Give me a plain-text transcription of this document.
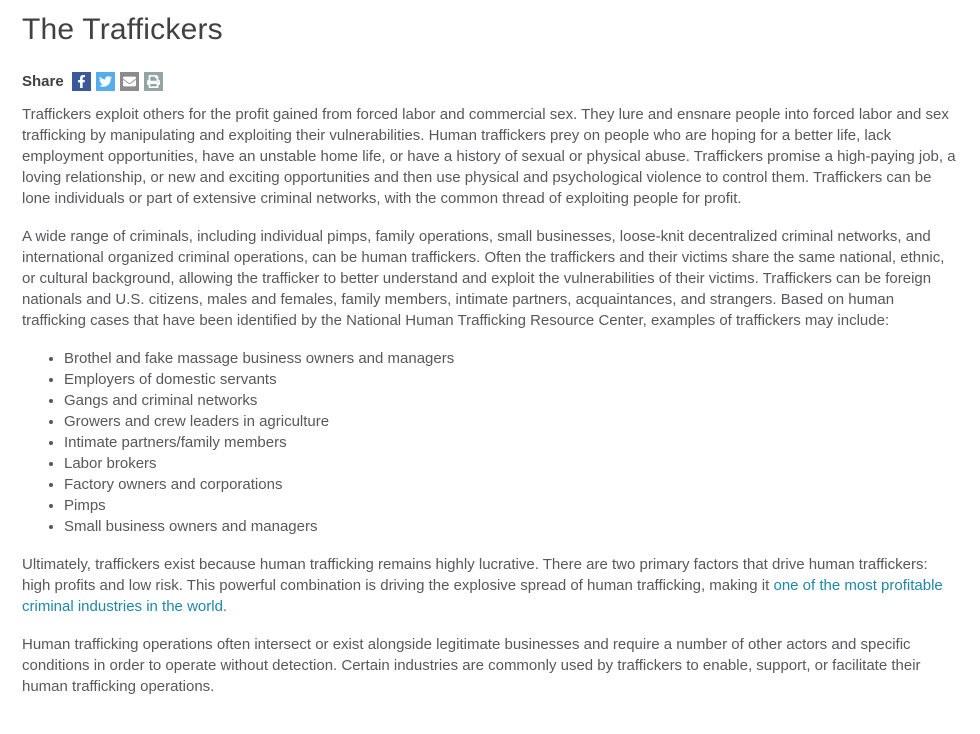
The Traffickers
Share

Traffickers exploit others for the profit gained from forced labor and commercial sex. They lure and ensnare people into forced labor and sex trafficking by manipulating and exploiting their vulnerabilities. Human traffickers prey on people who are hoping for a better life, lack employment opportunities, have an unstable home life, or have a history of sexual or physical abuse. Traffickers promise a high-paying job, a loving relationship, or new and exciting opportunities and then use physical and psychological violence to control them. Traffickers can be lone individuals or part of extensive criminal networks, with the common thread of exploiting people for profit.

A wide range of criminals, including individual pimps, family operations, small businesses, loose-knit decentralized criminal networks, and international organized criminal operations, can be human traffickers. Often the traffickers and their victims share the same national, ethnic, or cultural background, allowing the trafficker to better understand and exploit the vulnerabilities of their victims. Traffickers can be foreign nationals and U.S. citizens, males and females, family members, intimate partners, acquaintances, and strangers. Based on human trafficking cases that have been identified by the National Human Trafficking Resource Center, examples of traffickers may include:

• Brothel and fake massage business owners and managers
• Employers of domestic servants
• Gangs and criminal networks
• Growers and crew leaders in agriculture
• Intimate partners/family members
• Labor brokers
• Factory owners and corporations
• Pimps
• Small business owners and managers

Ultimately, traffickers exist because human trafficking remains highly lucrative. There are two primary factors that drive human traffickers: high profits and low risk. This powerful combination is driving the explosive spread of human trafficking, making it one of the most profitable criminal industries in the world.

Human trafficking operations often intersect or exist alongside legitimate businesses and require a number of other actors and specific conditions in order to operate without detection. Certain industries are commonly used by traffickers to enable, support, or facilitate their human trafficking operations.
